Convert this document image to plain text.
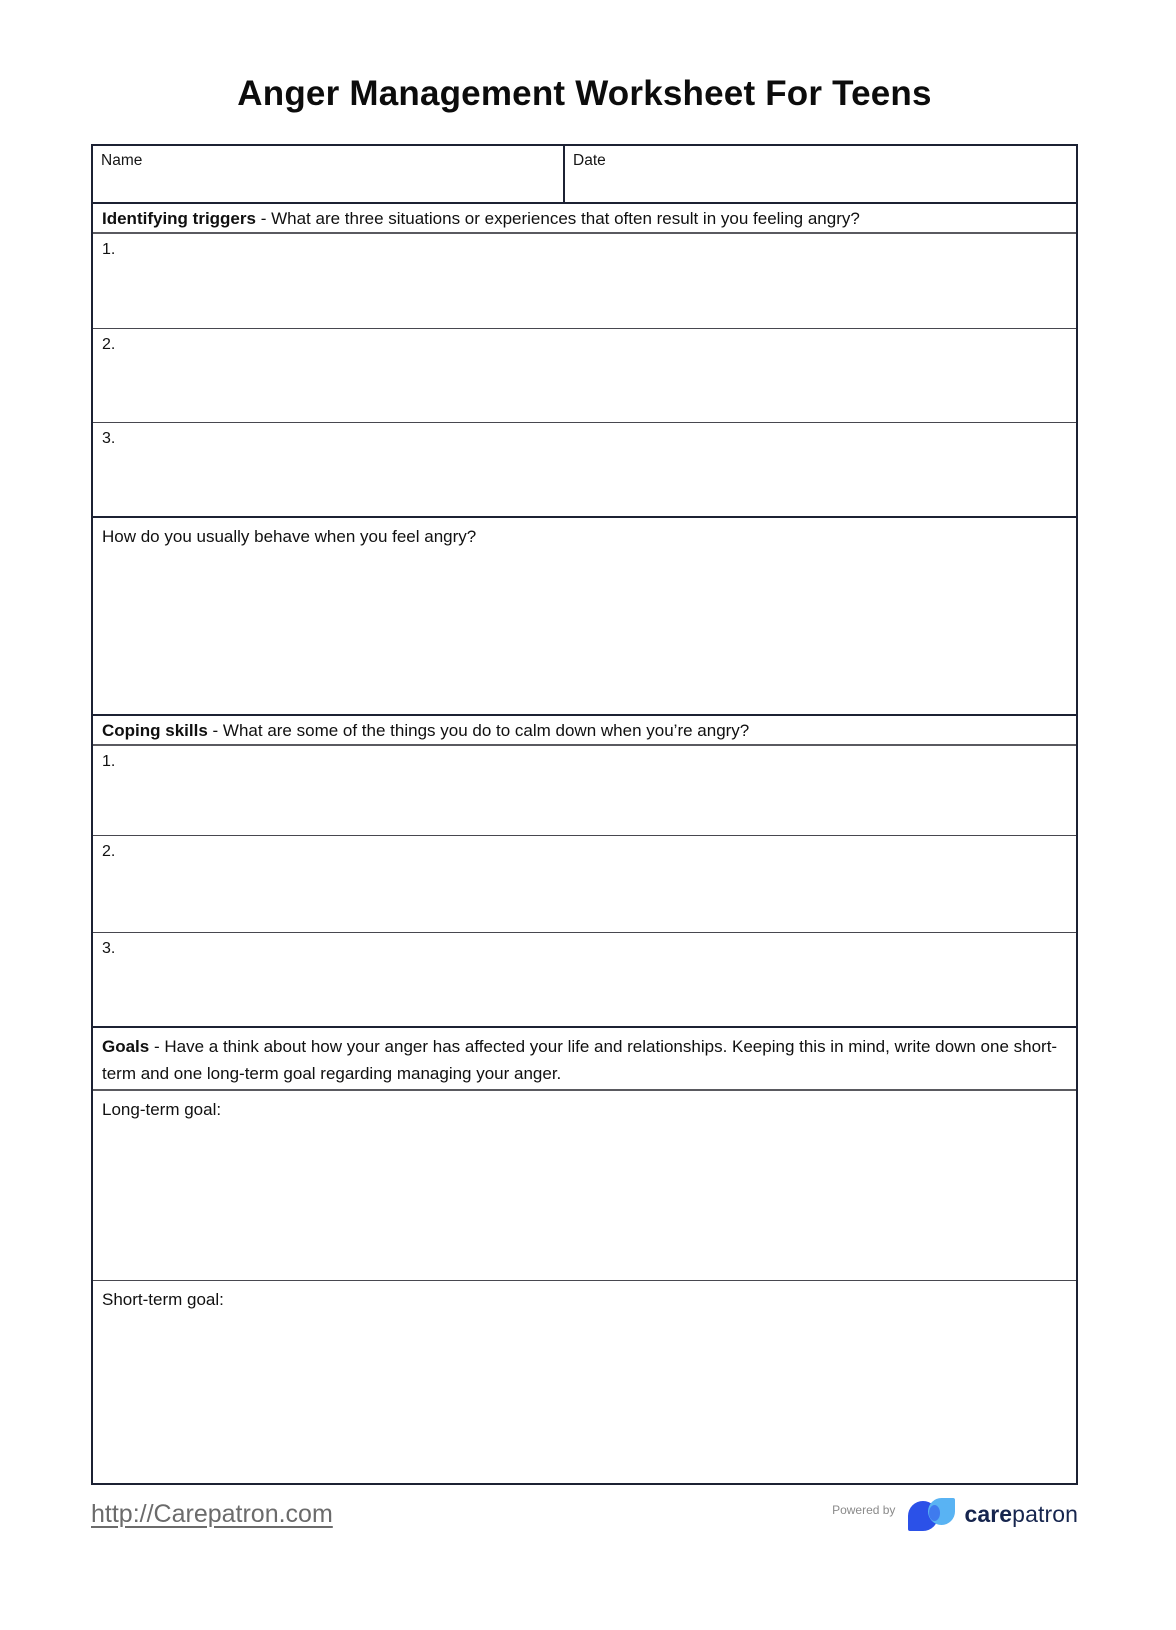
Anger Management Worksheet For Teens
Name	Date
Identifying triggers - What are three situations or experiences that often result in you feeling angry?
1.
2.
3.
How do you usually behave when you feel angry?
Coping skills - What are some of the things you do to calm down when you’re angry?
1.
2.
3.
Goals - Have a think about how your anger has affected your life and relationships. Keeping this in mind, write down one short-term and one long-term goal regarding managing your anger.
Long-term goal:
Short-term goal:
http://Carepatron.com	Powered by	carepatron
